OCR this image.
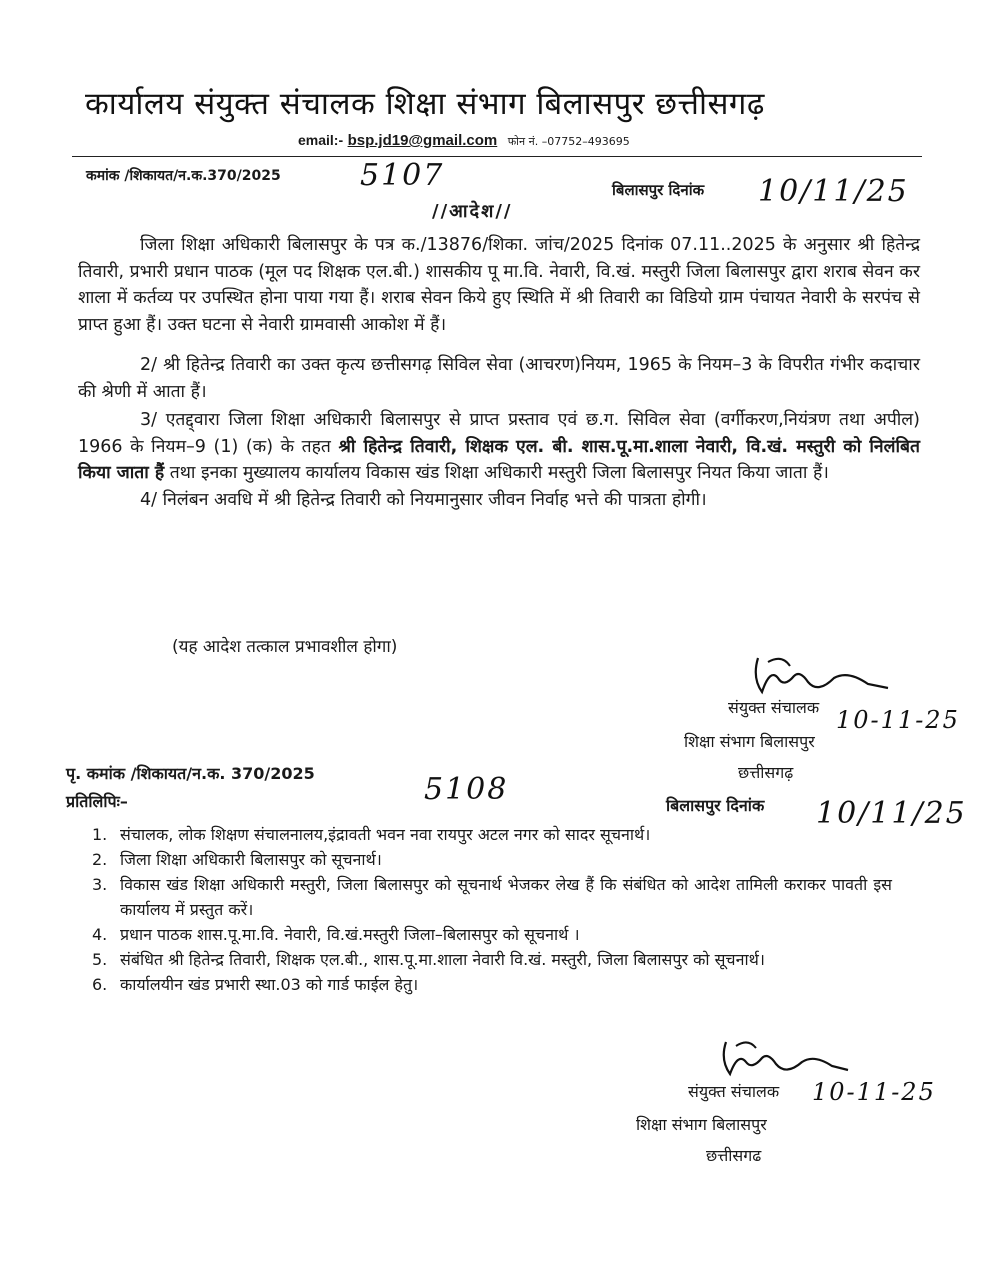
कार्यालय संयुक्त संचालक शिक्षा संभाग बिलासपुर छत्तीसगढ़
email:- bsp.jd19@gmail.com फोन नं. –07752–493695
कमांक /शिकायत/न.क.370/2025	5107	बिलासपुर दिनांक 10/11/25
//आदेश//

जिला शिक्षा अधिकारी बिलासपुर के पत्र क./13876/शिका. जांच/2025 दिनांक 07.11..2025 के अनुसार श्री हितेन्द्र तिवारी, प्रभारी प्रधान पाठक (मूल पद शिक्षक एल.बी.) शासकीय पू मा.वि. नेवारी, वि.खं. मस्तुरी जिला बिलासपुर द्वारा शराब सेवन कर शाला में कर्तव्य पर उपस्थित होना पाया गया हैं। शराब सेवन किये हुए स्थिति में श्री तिवारी का विडियो ग्राम पंचायत नेवारी के सरपंच से प्राप्त हुआ हैं। उक्त घटना से नेवारी ग्रामवासी आकोश में हैं।

2/ श्री हितेन्द्र तिवारी का उक्त कृत्य छत्तीसगढ़ सिविल सेवा (आचरण)नियम, 1965 के नियम–3 के विपरीत गंभीर कदाचार की श्रेणी में आता हैं।

3/ एतद्द्वारा जिला शिक्षा अधिकारी बिलासपुर से प्राप्त प्रस्ताव एवं छ.ग. सिविल सेवा (वर्गीकरण,नियंत्रण तथा अपील) 1966 के नियम–9 (1) (क) के तहत श्री हितेन्द्र तिवारी, शिक्षक एल. बी. शास.पू.मा.शाला नेवारी, वि.खं. मस्तुरी को निलंबित किया जाता हैं तथा इनका मुख्यालय कार्यालय विकास खंड शिक्षा अधिकारी मस्तुरी जिला बिलासपुर नियत किया जाता हैं।

4/ निलंबन अवधि में श्री हितेन्द्र तिवारी को नियमानुसार जीवन निर्वाह भत्ते की पात्रता होगी।

(यह आदेश तत्काल प्रभावशील होगा)
संयुक्त संचालक 10-11-25
शिक्षा संभाग बिलासपुर
छत्तीसगढ़
पृ. कमांक /शिकायत/न.क. 370/2025	5108
प्रतिलिपिः–	बिलासपुर दिनांक 10/11/25
1. संचालक, लोक शिक्षण संचालनालय,इंद्रावती भवन नवा रायपुर अटल नगर को सादर सूचनार्थ।
2. जिला शिक्षा अधिकारी बिलासपुर को सूचनार्थ।
3. विकास खंड शिक्षा अधिकारी मस्तुरी, जिला बिलासपुर को सूचनार्थ भेजकर लेख हैं कि संबंधित को आदेश तामिली कराकर पावती इस कार्यालय में प्रस्तुत करें।
4. प्रधान पाठक शास.पू.मा.वि. नेवारी, वि.खं.मस्तुरी जिला–बिलासपुर को सूचनार्थ ।
5. संबंधित श्री हितेन्द्र तिवारी, शिक्षक एल.बी., शास.पू.मा.शाला नेवारी वि.खं. मस्तुरी, जिला बिलासपुर को सूचनार्थ।
6. कार्यालयीन खंड प्रभारी स्था.03 को गार्ड फाईल हेतु।
संयुक्त संचालक 10-11-25
शिक्षा संभाग बिलासपुर
छत्तीसगढ
